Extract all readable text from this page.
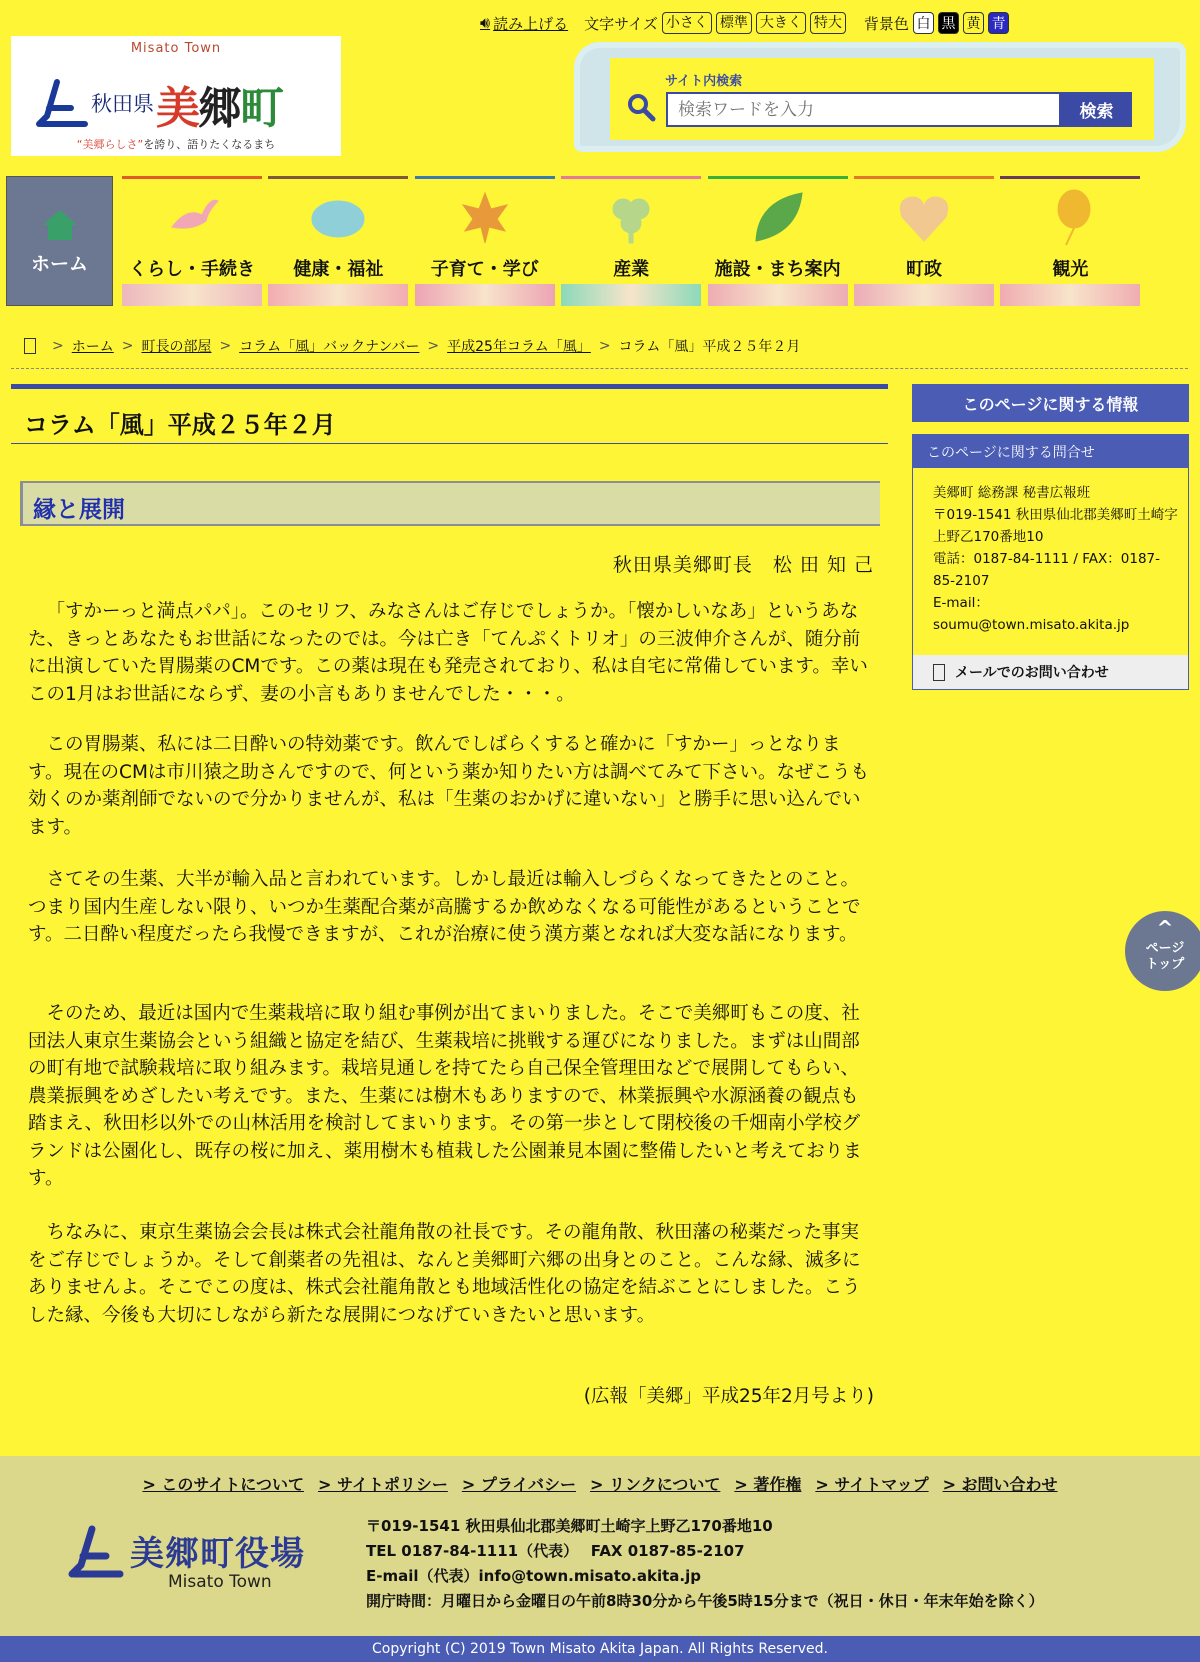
🔊︎ 読み上げる 文字サイズ 小さく 標準 大きく 特大 背景色 白 黒 黄 青
Misato Town
秋田県 美郷町
“美郷らしさ”を誇り、語りたくなるまち
サイト内検索
検索ワードを入力
検索
ホーム	くらし・手続き	健康・福祉	子育て・学び	産業	施設・まち案内	町政	観光
> ホーム > 町長の部屋 > コラム「風」バックナンバー > 平成25年コラム「風」 > コラム「風」平成２５年２月
コラム「風」平成２５年２月
縁と展開
秋田県美郷町長　松 田 知 己

「すかーっと満点パパ」。このセリフ、みなさんはご存じでしょうか。「懐かしいなあ」というあなた、きっとあなたもお世話になったのでは。今は亡き「てんぷくトリオ」の三波伸介さんが、随分前に出演していた胃腸薬のCMです。この薬は現在も発売されており、私は自宅に常備しています。幸いこの1月はお世話にならず、妻の小言もありませんでした・・・。

この胃腸薬、私には二日酔いの特効薬です。飲んでしばらくすると確かに「すかー」っとなります。現在のCMは市川猿之助さんですので、何という薬か知りたい方は調べてみて下さい。なぜこうも効くのか薬剤師でないので分かりませんが、私は「生薬のおかげに違いない」と勝手に思い込んでいます。

さてその生薬、大半が輸入品と言われています。しかし最近は輸入しづらくなってきたとのこと。つまり国内生産しない限り、いつか生薬配合薬が高騰するか飲めなくなる可能性があるということです。二日酔い程度だったら我慢できますが、これが治療に使う漢方薬となれば大変な話になります。

そのため、最近は国内で生薬栽培に取り組む事例が出てまいりました。そこで美郷町もこの度、社団法人東京生薬協会という組織と協定を結び、生薬栽培に挑戦する運びになりました。まずは山間部の町有地で試験栽培に取り組みます。栽培見通しを持てたら自己保全管理田などで展開してもらい、農業振興をめざしたい考えです。また、生薬には樹木もありますので、林業振興や水源涵養の観点も踏まえ、秋田杉以外での山林活用を検討してまいります。その第一歩として閉校後の千畑南小学校グランドは公園化し、既存の桜に加え、薬用樹木も植栽した公園兼見本園に整備したいと考えております。

ちなみに、東京生薬協会会長は株式会社龍角散の社長です。その龍角散、秋田藩の秘薬だった事実をご存じでしょうか。そして創薬者の先祖は、なんと美郷町六郷の出身とのこと。こんな縁、滅多にありませんよ。そこでこの度は、株式会社龍角散とも地域活性化の協定を結ぶことにしました。こうした縁、今後も大切にしながら新たな展開につなげていきたいと思います。

(広報「美郷」平成25年2月号より)
このページに関する情報
このページに関する問合せ
美郷町 総務課 秘書広報班
〒019-1541 秋田県仙北郡美郷町土崎字上野乙170番地10
電話：0187-84-1111 / FAX：0187-85-2107
E-mail：
soumu@town.misato.akita.jp
メールでのお問い合わせ
^
ページ
トップ
> このサイトについて > サイトポリシー > プライバシー > リンクについて > 著作権 > サイトマップ > お問い合わせ
美郷町役場
Misato Town
〒019-1541 秋田県仙北郡美郷町土崎字上野乙170番地10
TEL 0187-84-1111（代表）　 FAX 0187-85-2107
E-mail（代表）info@town.misato.akita.jp
開庁時間：月曜日から金曜日の午前8時30分から午後5時15分まで（祝日・休日・年末年始を除く）
Copyright (C) 2019 Town Misato Akita Japan. All Rights Reserved.
